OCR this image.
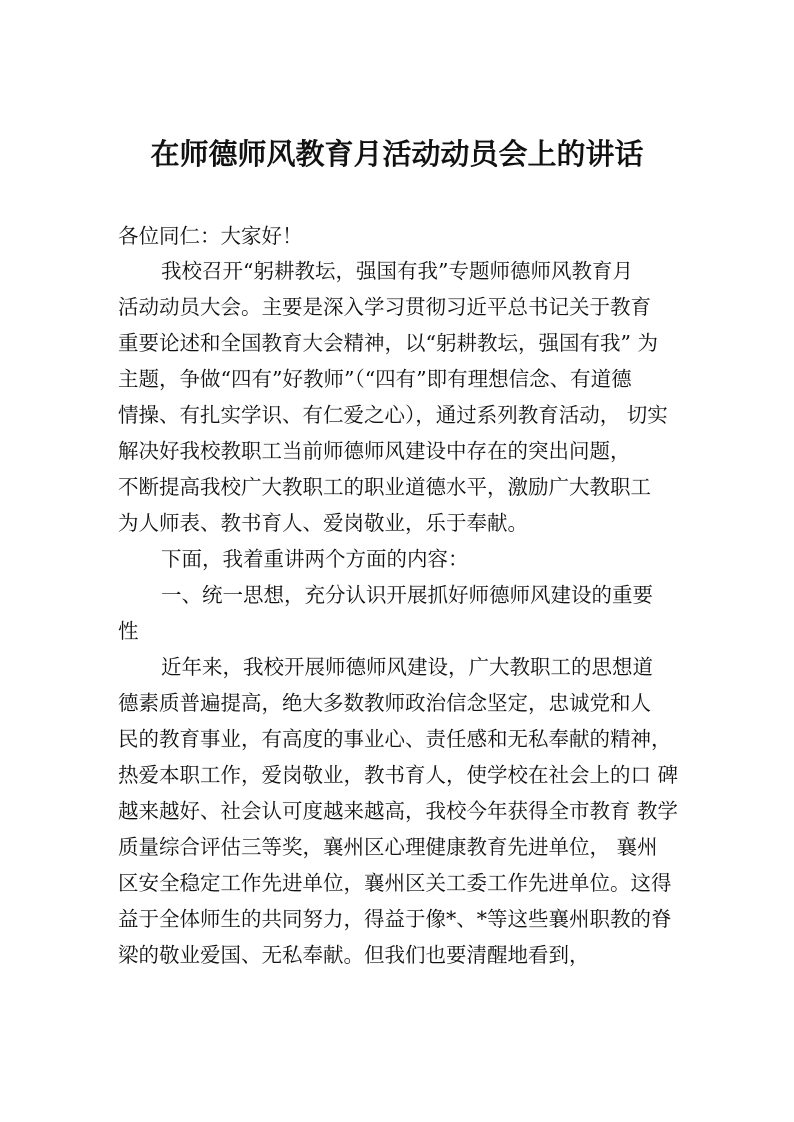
在师德师风教育月活动动员会上的讲话
各位同仁：大家好！
我校召开“躬耕教坛，强国有我”专题师德师风教育月
活动动员大会。主要是深入学习贯彻习近平总书记关于教育
重要论述和全国教育大会精神，以“躬耕教坛，强国有我” 为
主题，争做“四有”好教师”（“四有”即有理想信念、有道德
情操、有扎实学识、有仁爱之心），通过系列教育活动， 切实
解决好我校教职工当前师德师风建设中存在的突出问题，
不断提高我校广大教职工的职业道德水平，激励广大教职工
为人师表、教书育人、爱岗敬业，乐于奉献。
下面，我着重讲两个方面的内容：
一、统一思想，充分认识开展抓好师德师风建设的重要
性
近年来，我校开展师德师风建设，广大教职工的思想道
德素质普遍提高，绝大多数教师政治信念坚定，忠诚党和人
民的教育事业，有高度的事业心、责任感和无私奉献的精神，
热爱本职工作，爱岗敬业，教书育人，使学校在社会上的口 碑
越来越好、社会认可度越来越高，我校今年获得全市教育 教学
质量综合评估三等奖，襄州区心理健康教育先进单位， 襄州
区安全稳定工作先进单位，襄州区关工委工作先进单位。这得
益于全体师生的共同努力，得益于像*、*等这些襄州职教的脊
梁的敬业爱国、无私奉献。但我们也要清醒地看到，
